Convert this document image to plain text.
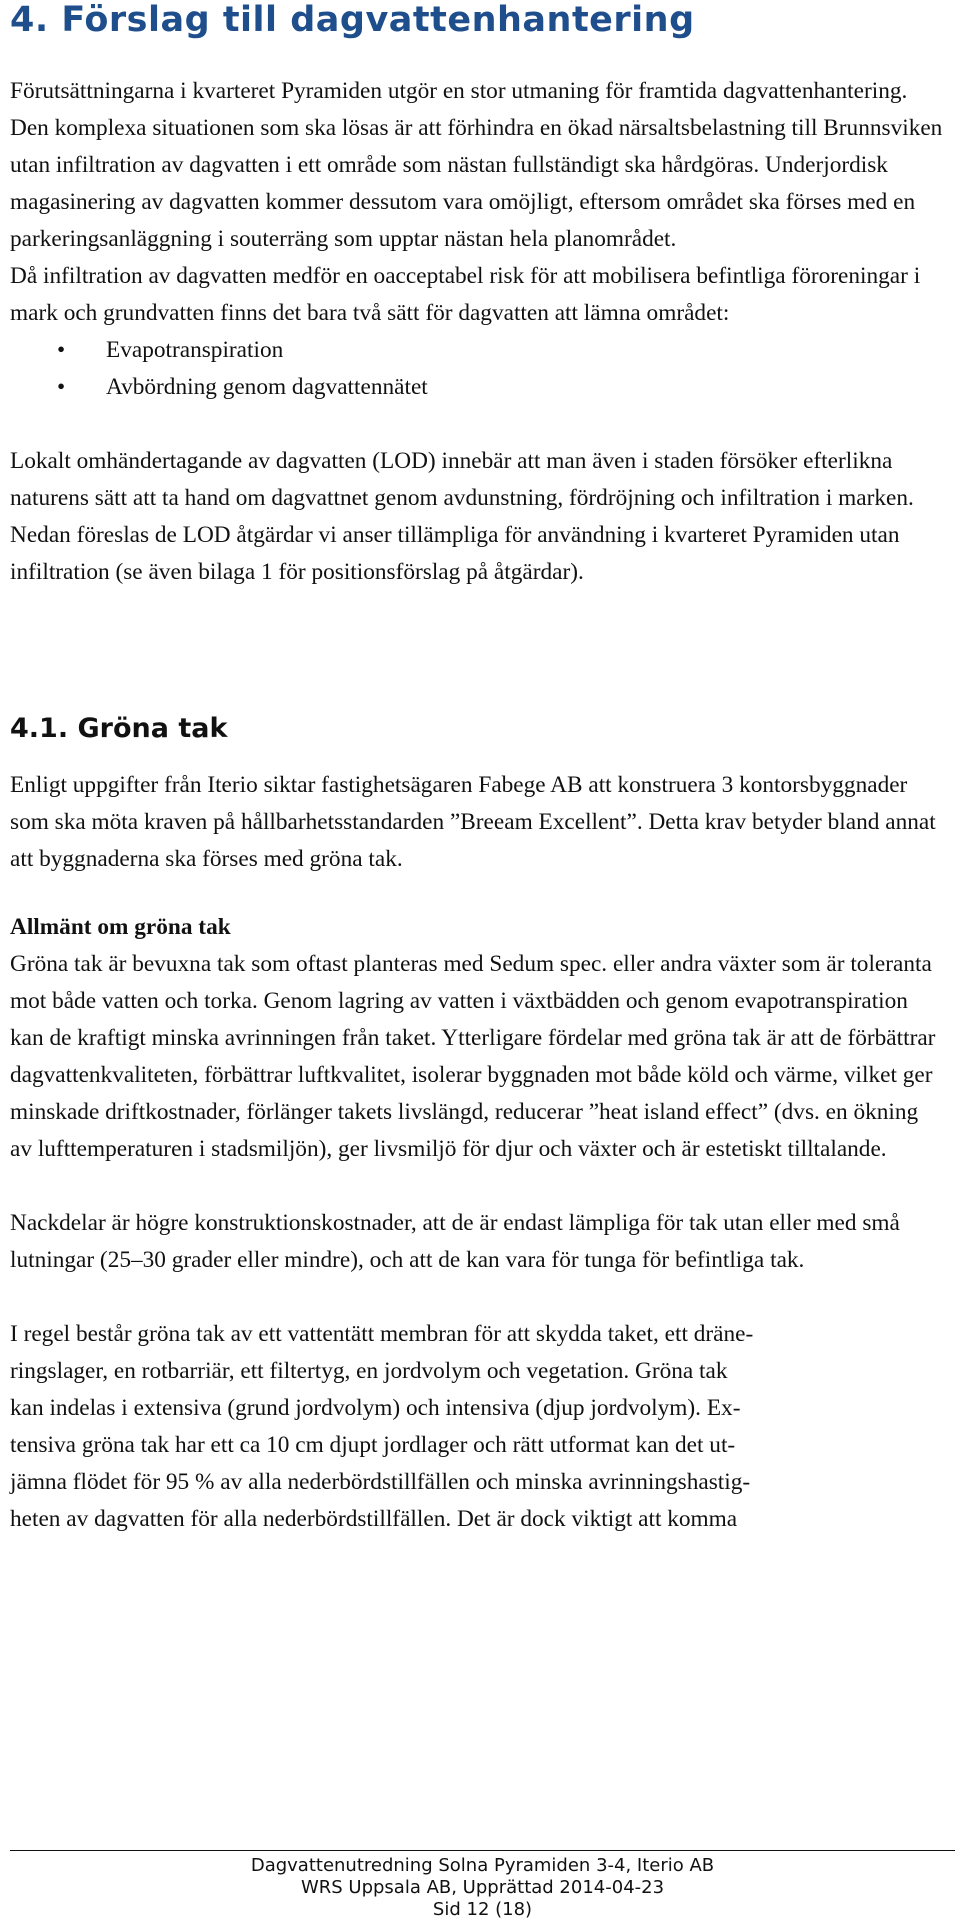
4. Förslag till dagvattenhantering

Förutsättningarna i kvarteret Pyramiden utgör en stor utmaning för framtida dagvattenhantering. Den komplexa situationen som ska lösas är att förhindra en ökad närsaltsbelastning till Brunnsviken utan infiltration av dagvatten i ett område som nästan fullständigt ska hårdgöras. Underjordisk magasinering av dagvatten kommer dessutom vara omöjligt, eftersom området ska förses med en parkeringsanläggning i souterräng som upptar nästan hela planområdet.

Då infiltration av dagvatten medför en oacceptabel risk för att mobilisera befintliga föroreningar i mark och grundvatten finns det bara två sätt för dagvatten att lämna området:

• Evapotranspiration
• Avbördning genom dagvattennätet

Lokalt omhändertagande av dagvatten (LOD) innebär att man även i staden försöker efterlikna naturens sätt att ta hand om dagvattnet genom avdunstning, fördröjning och infiltration i marken. Nedan föreslas de LOD åtgärdar vi anser tillämpliga för användning i kvarteret Pyramiden utan infiltration (se även bilaga 1 för positionsförslag på åtgärdar).

4.1. Gröna tak

Enligt uppgifter från Iterio siktar fastighetsägaren Fabege AB att konstruera 3 kontorsbyggnader som ska möta kraven på hållbarhetsstandarden ”Breeam Excellent”. Detta krav betyder bland annat att byggnaderna ska förses med gröna tak.

Allmänt om gröna tak

Gröna tak är bevuxna tak som oftast planteras med Sedum spec. eller andra växter som är toleranta mot både vatten och torka. Genom lagring av vatten i växtbädden och genom evapotranspiration kan de kraftigt minska avrinningen från taket. Ytterligare fördelar med gröna tak är att de förbättrar dagvattenkvaliteten, förbättrar luftkvalitet, isolerar byggnaden mot både köld och värme, vilket ger minskade driftkostnader, förlänger takets livslängd, reducerar ”heat island effect” (dvs. en ökning av lufttemperaturen i stadsmiljön), ger livsmiljö för djur och växter och är estetiskt tilltalande.

Nackdelar är högre konstruktionskostnader, att de är endast lämpliga för tak utan eller med små lutningar (25–30 grader eller mindre), och att de kan vara för tunga för befintliga tak.

I regel består gröna tak av ett vattentätt membran för att skydda taket, ett dräne-

ringslager, en rotbarriär, ett filtertyg, en jordvolym och vegetation. Gröna tak

kan indelas i extensiva (grund jordvolym) och intensiva (djup jordvolym). Ex-

tensiva gröna tak har ett ca 10 cm djupt jordlager och rätt utformat kan det ut-

jämna flödet för 95 % av alla nederbördstillfällen och minska avrinningshastig-

heten av dagvatten för alla nederbördstillfällen. Det är dock viktigt att komma

Dagvattenutredning Solna Pyramiden 3-4, Iterio AB
WRS Uppsala AB, Upprättad 2014-04-23
Sid 12 (18)
